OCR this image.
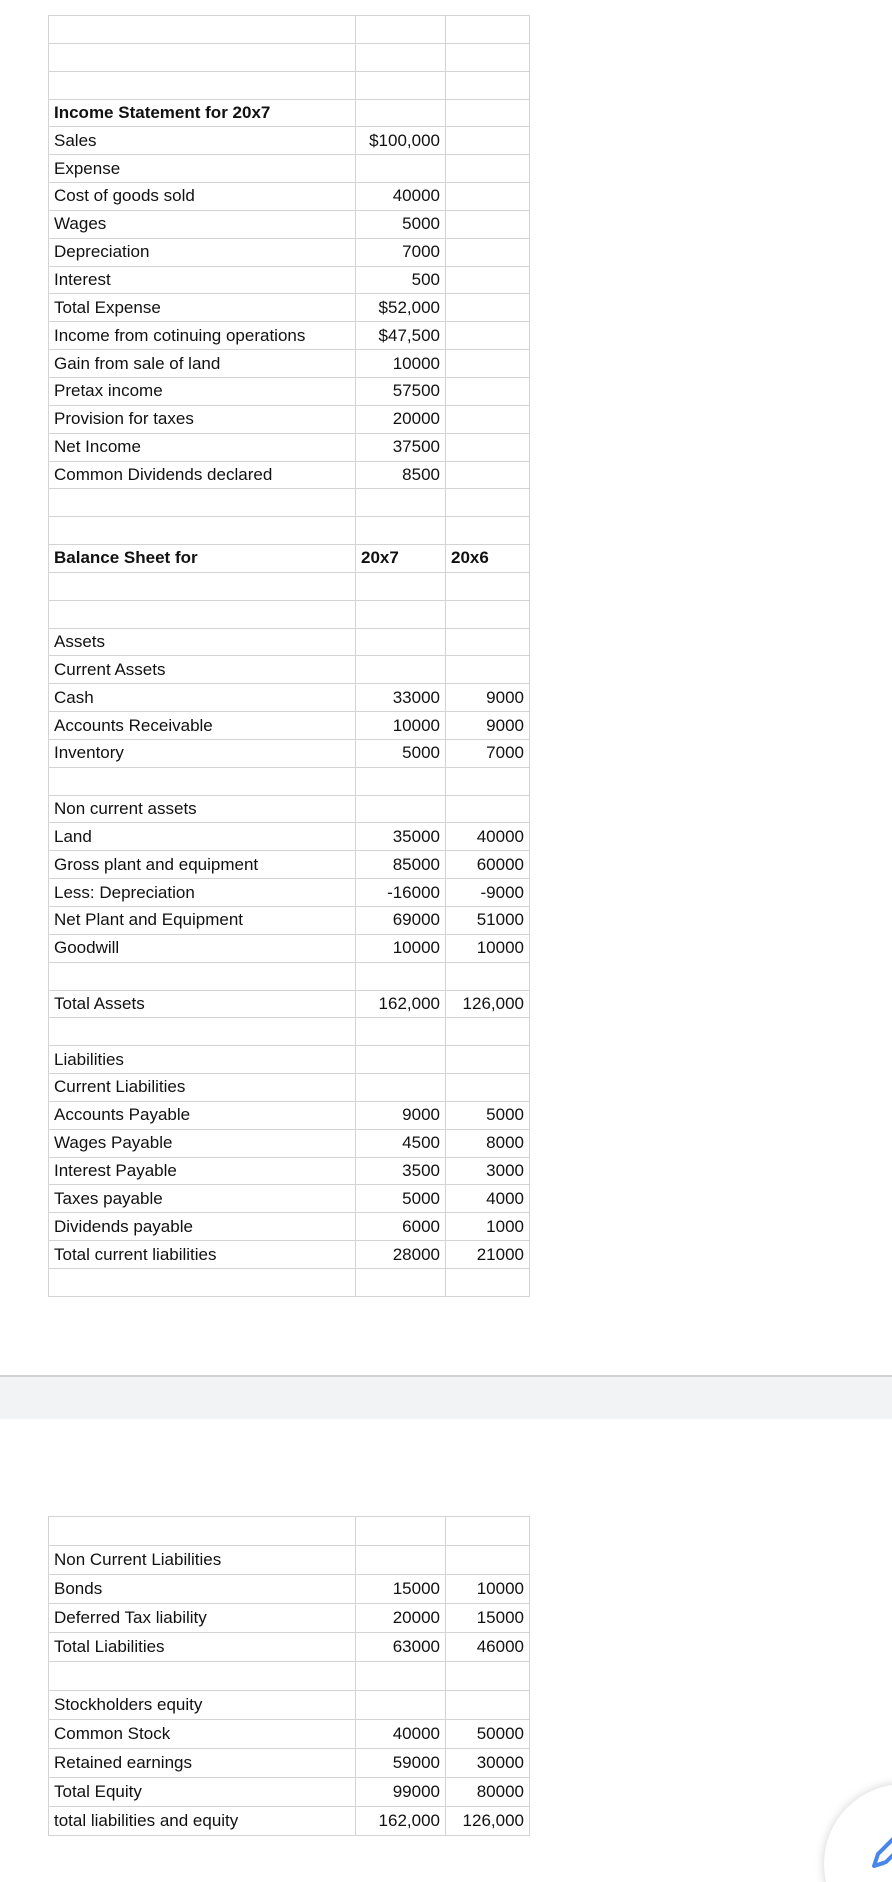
Income Statement for 20x7		
Sales	$100,000	
Expense		
Cost of goods sold	40000	
Wages	5000	
Depreciation	7000	
Interest	500	
Total Expense	$52,000	
Income from cotinuing operations	$47,500	
Gain from sale of land	10000	
Pretax income	57500	
Provision for taxes	20000	
Net Income	37500	
Common Dividends declared	8500	

Balance Sheet for	20x7	20x6

Assets		
Current Assets		
Cash	33000	9000
Accounts Receivable	10000	9000
Inventory	5000	7000

Non current assets		
Land	35000	40000
Gross plant and equipment	85000	60000
Less: Depreciation	-16000	-9000
Net Plant and Equipment	69000	51000
Goodwill	10000	10000

Total Assets	162,000	126,000

Liabilities		
Current Liabilities		
Accounts Payable	9000	5000
Wages Payable	4500	8000
Interest Payable	3500	3000
Taxes payable	5000	4000
Dividends payable	6000	1000
Total current liabilities	28000	21000

Non Current Liabilities		
Bonds	15000	10000
Deferred Tax liability	20000	15000
Total Liabilities	63000	46000

Stockholders equity		
Common Stock	40000	50000
Retained earnings	59000	30000
Total Equity	99000	80000
total liabilities and equity	162,000	126,000
